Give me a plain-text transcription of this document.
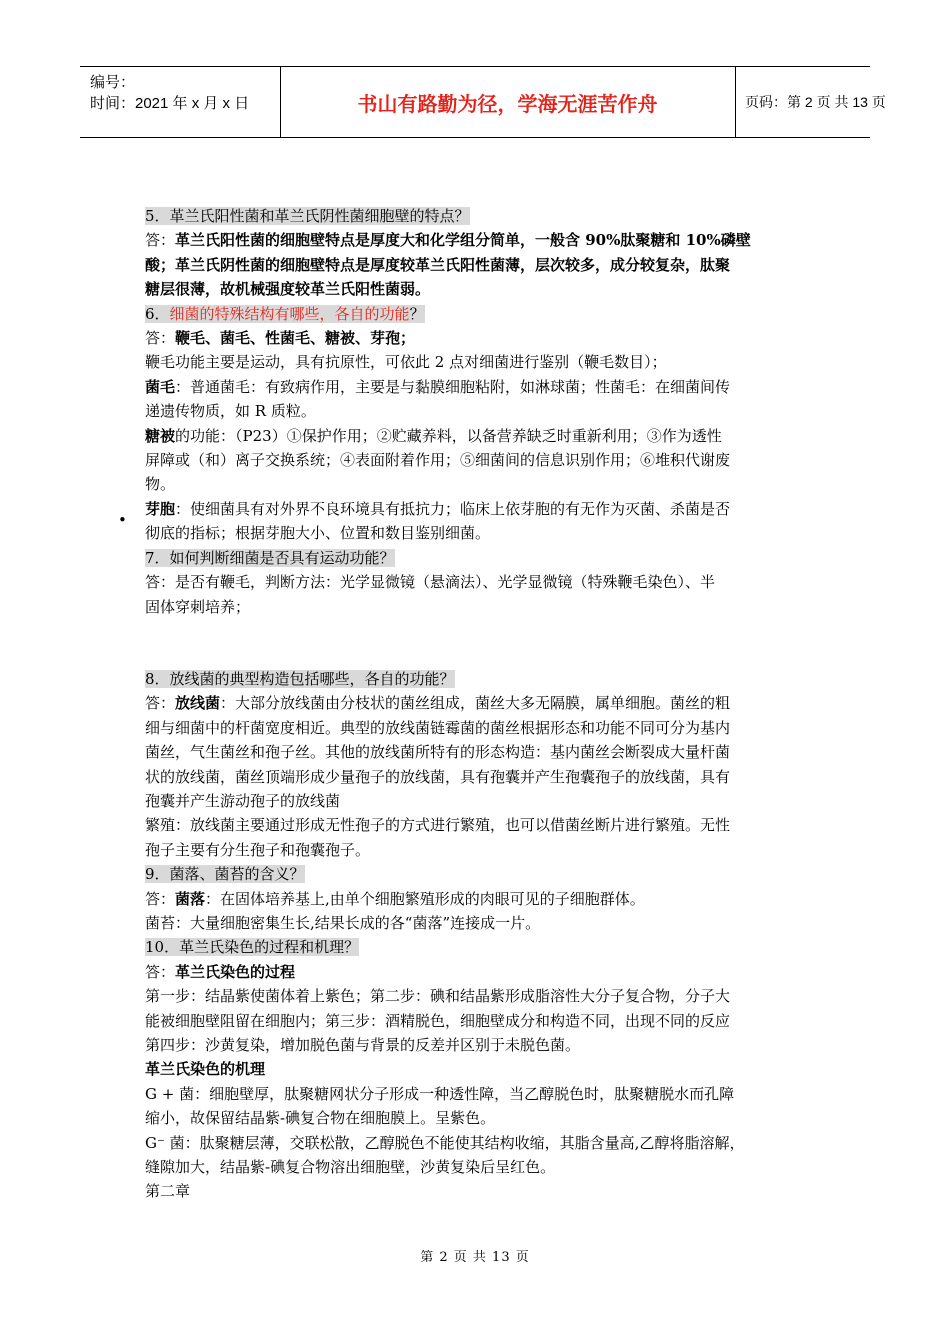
编号：
时间：2021 年 x 月 x 日	书山有路勤为径，学海无涯苦作舟	页码：第 2 页 共 13 页

5．革兰氏阳性菌和革兰氏阴性菌细胞壁的特点？

答：革兰氏阳性菌的细胞壁特点是厚度大和化学组分简单，一般含 90%肽聚糖和 10%磷壁

酸；革兰氏阴性菌的细胞壁特点是厚度较革兰氏阳性菌薄，层次较多，成分较复杂，肽聚

糖层很薄，故机械强度较革兰氏阳性菌弱。

6．细菌的特殊结构有哪些，各自的功能？

答：鞭毛、菌毛、性菌毛、糖被、芽孢；

鞭毛功能主要是运动，具有抗原性，可依此 2 点对细菌进行鉴别（鞭毛数目）；

菌毛：普通菌毛：有致病作用，主要是与黏膜细胞粘附，如淋球菌；性菌毛：在细菌间传

递遗传物质，如 R 质粒。

糖被的功能：（P23）①保护作用；②贮藏养料，以备营养缺乏时重新利用；③作为透性

屏障或（和）离子交换系统；④表面附着作用；⑤细菌间的信息识别作用；⑥堆积代谢废

物。

芽胞：使细菌具有对外界不良环境具有抵抗力；临床上依芽胞的有无作为灭菌、杀菌是否

彻底的指标；根据芽胞大小、位置和数目鉴别细菌。

7．如何判断细菌是否具有运动功能？

答：是否有鞭毛，判断方法：光学显微镜（悬滴法）、光学显微镜（特殊鞭毛染色）、半

固体穿刺培养；

8．放线菌的典型构造包括哪些，各自的功能？

答：放线菌：大部分放线菌由分枝状的菌丝组成，菌丝大多无隔膜，属单细胞。菌丝的粗

细与细菌中的杆菌宽度相近。典型的放线菌链霉菌的菌丝根据形态和功能不同可分为基内

菌丝，气生菌丝和孢子丝。其他的放线菌所特有的形态构造：基内菌丝会断裂成大量杆菌

状的放线菌，菌丝顶端形成少量孢子的放线菌，具有孢囊并产生孢囊孢子的放线菌，具有

孢囊并产生游动孢子的放线菌

繁殖：放线菌主要通过形成无性孢子的方式进行繁殖，也可以借菌丝断片进行繁殖。无性

孢子主要有分生孢子和孢囊孢子。

9．菌落、菌苔的含义？

答：菌落：在固体培养基上,由单个细胞繁殖形成的肉眼可见的子细胞群体。

菌苔：大量细胞密集生长,结果长成的各“菌落”连接成一片。

10．革兰氏染色的过程和机理？

答：革兰氏染色的过程

第一步：结晶紫使菌体着上紫色；第二步：碘和结晶紫形成脂溶性大分子复合物，分子大

能被细胞壁阻留在细胞内；第三步：酒精脱色，细胞壁成分和构造不同，出现不同的反应

第四步：沙黄复染，增加脱色菌与背景的反差并区别于未脱色菌。

革兰氏染色的机理

G + 菌：细胞壁厚，肽聚糖网状分子形成一种透性障，当乙醇脱色时，肽聚糖脱水而孔障

缩小，故保留结晶紫-碘复合物在细胞膜上。呈紫色。

G⁻ 菌：肽聚糖层薄，交联松散，乙醇脱色不能使其结构收缩，其脂含量高,乙醇将脂溶解，

缝隙加大，结晶紫-碘复合物溶出细胞壁，沙黄复染后呈红色。

第二章

•
第 2 页 共 13 页
